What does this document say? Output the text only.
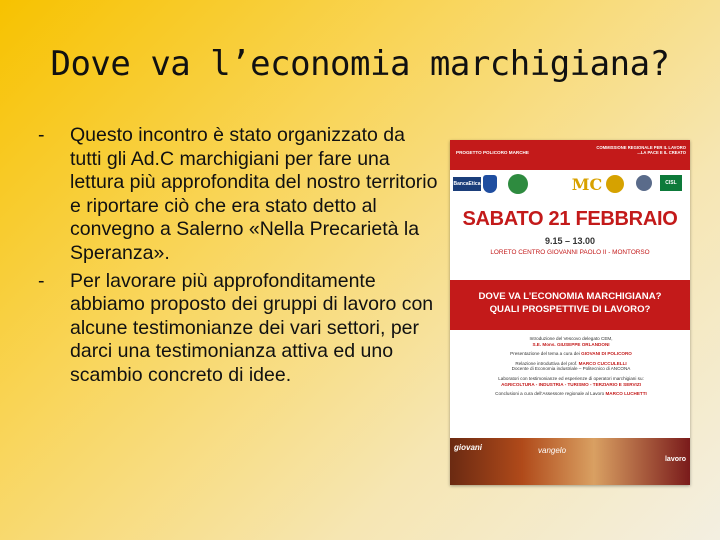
Dove va l’economia marchigiana?
- Questo incontro è stato organizzato da tutti gli Ad.C marchigiani per fare una lettura più approfondita del nostro territorio e riportare ciò che era stato detto al convegno a Salerno «Nella Precarietà la Speranza».
- Per lavorare più approfonditamente abbiamo proposto dei gruppi di lavoro con alcune testimonianze dei vari settori, per darci una testimonianza attiva ed uno scambio concreto di idee.
PROGETTO POLICORO MARCHE
COMMISSIONE REGIONALE PER IL LAVORO
...LA PACE E IL CREATO
BancaEtica	MC	CISL
SABATO 21 FEBBRAIO
9.15 – 13.00
LORETO CENTRO GIOVANNI PAOLO II - MONTORSO
DOVE VA L’ECONOMIA MARCHIGIANA?
QUALI PROSPETTIVE DI LAVORO?

Introduzione del Vescovo delegato CEM,
S.E. Mons. GIUSEPPE ORLANDONI

Presentazione del tema a cura dei GIOVANI DI POLICORO

Relazione introduttiva del prof. MARCO CUCCULELLI
Docente di Economia industriale – Politecnico di ANCONA

Laboratori con testimonianze ed esperienze di operatori marchigiani su:
AGRICOLTURA - INDUSTRIA - TURISMO - TERZIARIO E SERVIZI

Conclusioni a cura dell’Assessore regionale al Lavoro MARCO LUCHETTI

giovani	vangelo
lavoro
